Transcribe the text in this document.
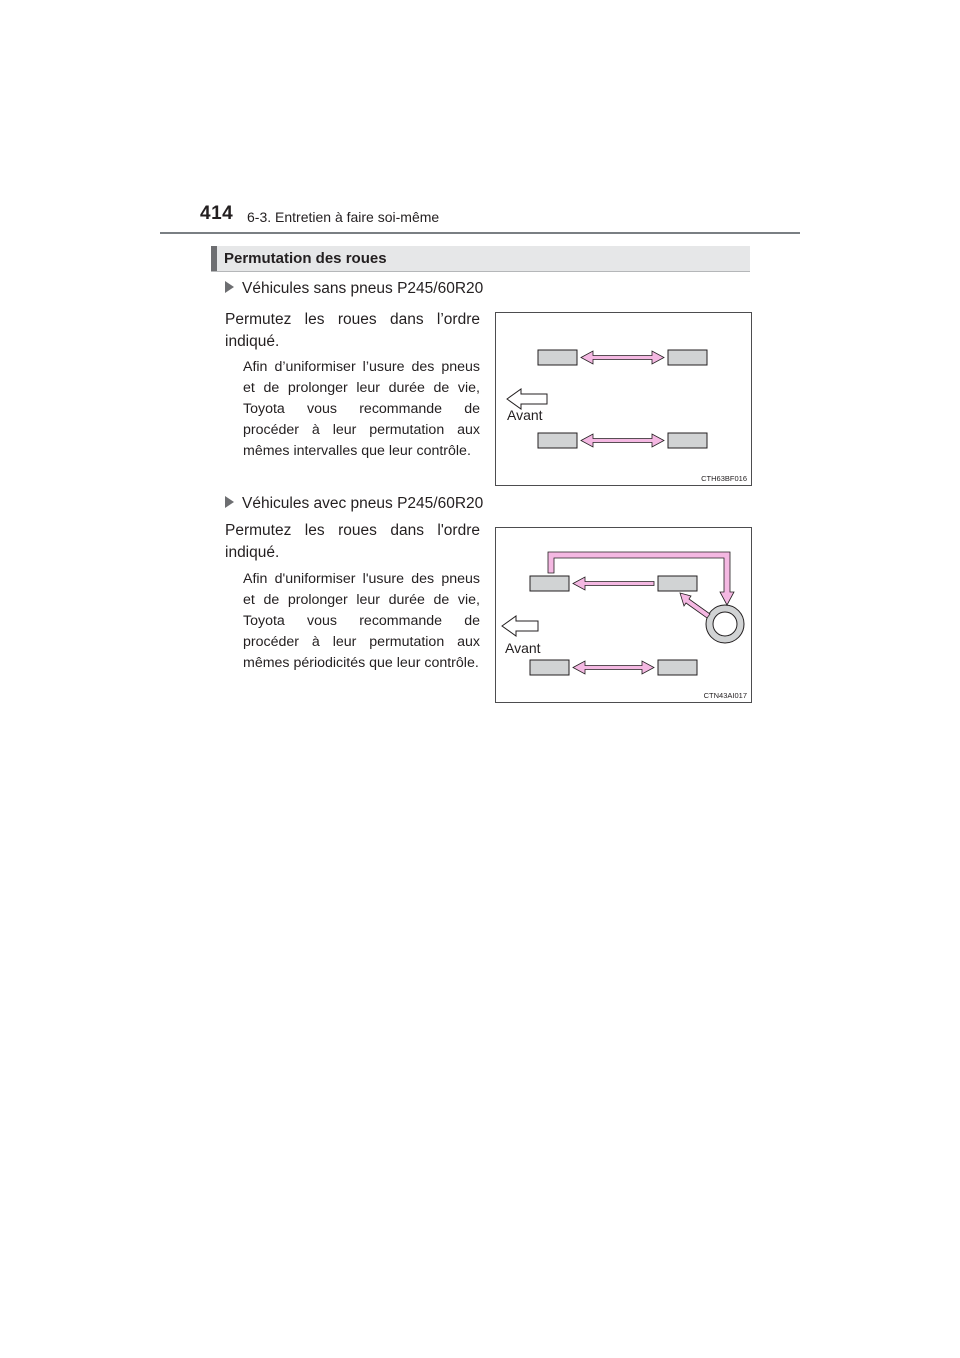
414 6-3. Entretien à faire soi-même
Permutation des roues
Véhicules sans pneus P245/60R20
Permutez les roues dans l’ordre indiqué.
Afin d’uniformiser l’usure des pneus et de prolonger leur durée de vie, Toyota vous recommande de procéder à leur permutation aux mêmes intervalles que leur contrôle.
Avant
CTH63BF016
Véhicules avec pneus P245/60R20
Permutez les roues dans l'ordre indiqué.
Afin d'uniformiser l'usure des pneus et de prolonger leur durée de vie, Toyota vous recommande de procéder à leur permutation aux mêmes périodicités que leur contrôle.
Avant
CTN43AI017
